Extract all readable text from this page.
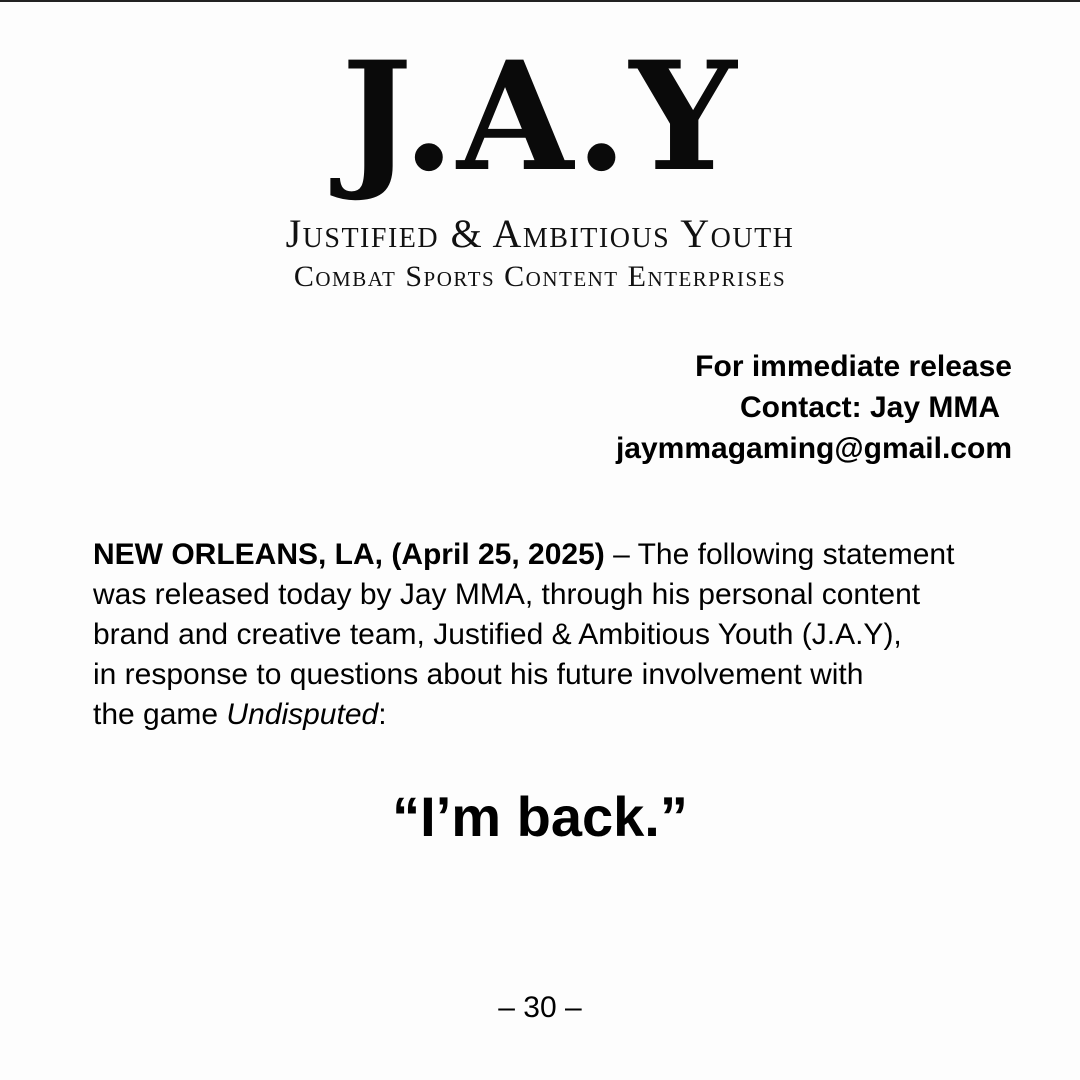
J.A.Y
Justified & Ambitious Youth
Combat Sports Content Enterprises
For immediate release
Contact: Jay MMA
jaymmagaming@gmail.com
NEW ORLEANS, LA, (April 25, 2025) – The following statement
was released today by Jay MMA, through his personal content
brand and creative team, Justified & Ambitious Youth (J.A.Y),
in response to questions about his future involvement with
the game Undisputed:
“I’m back.”
– 30 –
